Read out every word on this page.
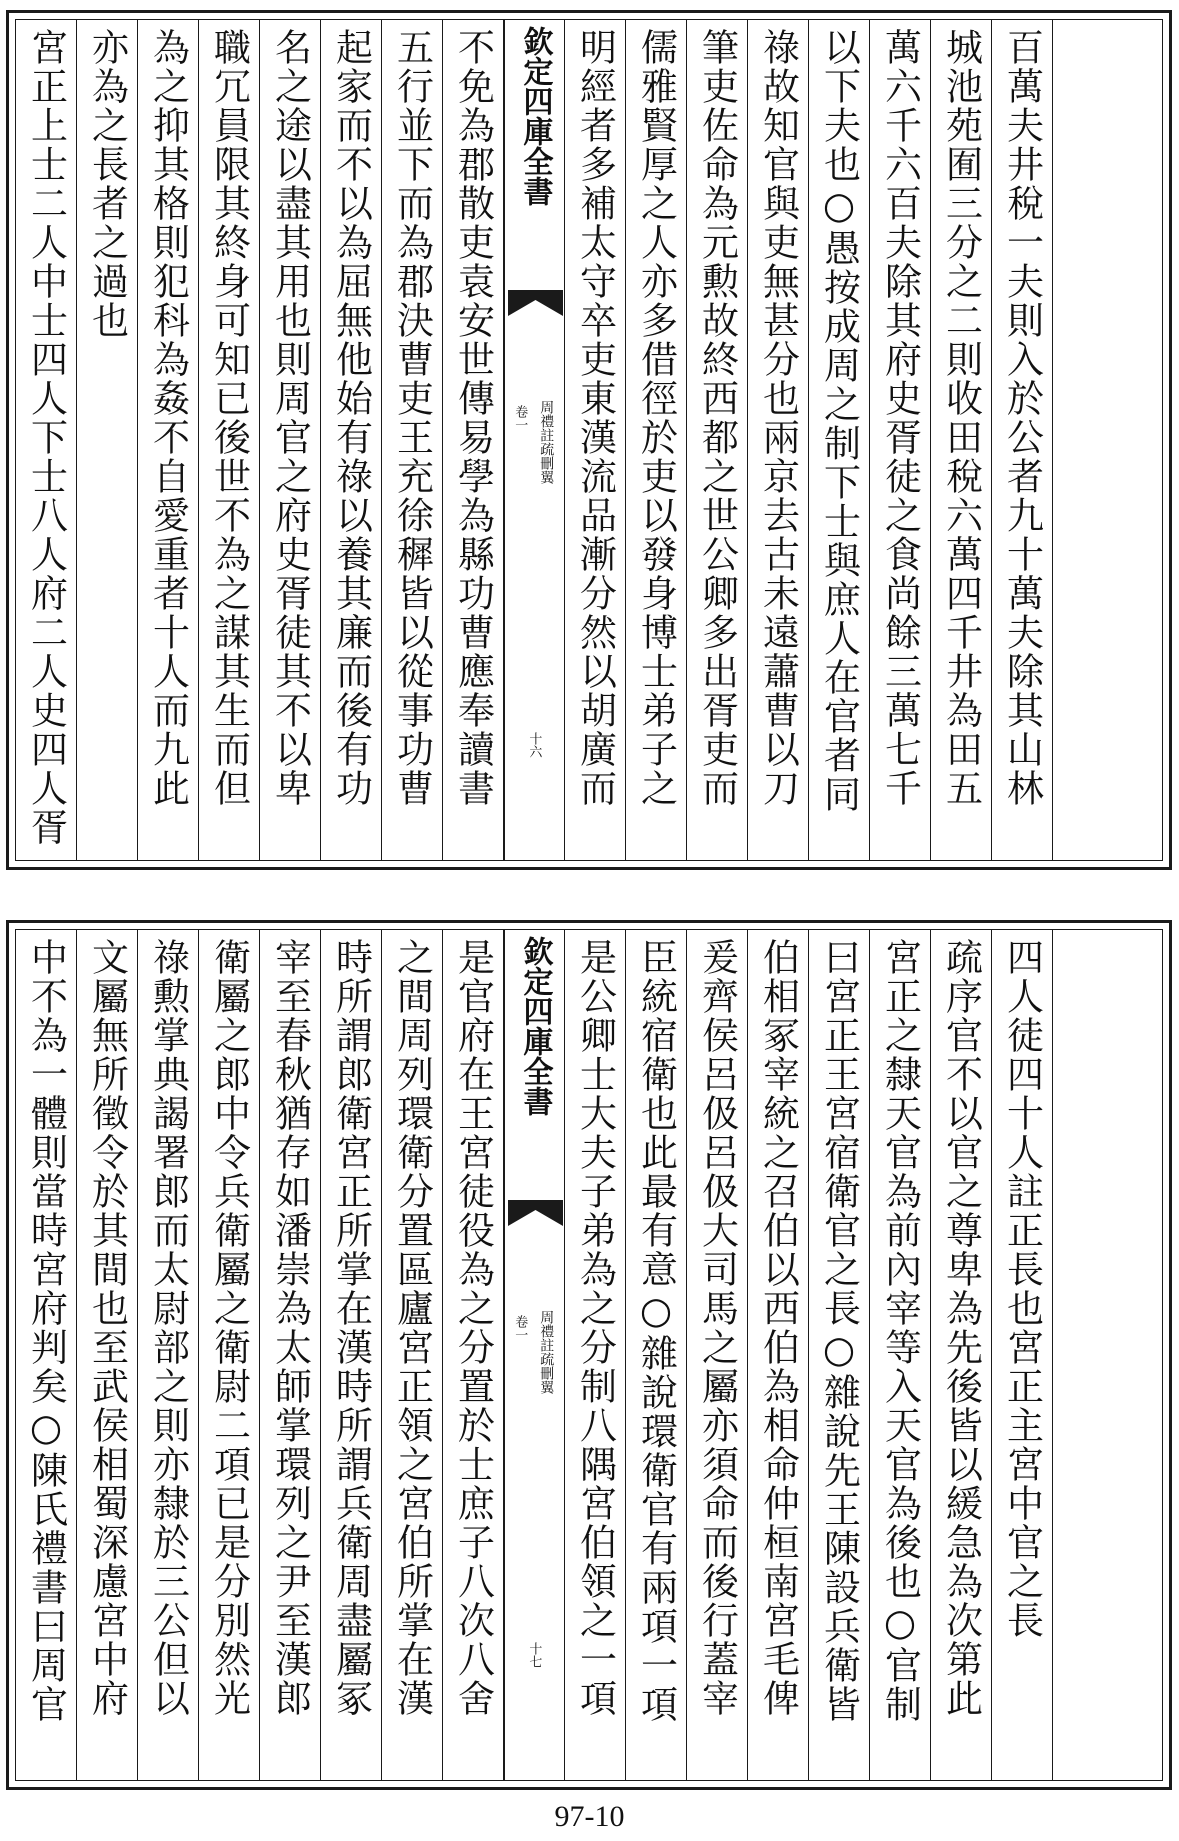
宮正上士二人中士四人下士八人府二人史四人胥 亦為之長者之過也 為之抑其格則犯科為姦不自愛重者十人而九此 職冗員限其終身可知已後世不為之謀其生而但 名之途以盡其用也則周官之府史胥徒其不以卑 起家而不以為屈無他始有祿以養其廉而後有功 五行並下而為郡決曹吏王充徐穉皆以從事功曹 不免為郡散吏袁安世傳易學為縣功曹應奉讀書 欽定四庫全書
周禮註疏刪翼
卷一
十六 明經者多補太守卒吏東漢流品漸分然以胡廣而 儒雅賢厚之人亦多借徑於吏以發身博士弟子之 筆吏佐命為元勲故終西都之世公卿多出胥吏而 祿故知官與吏無甚分也兩京去古未遠蕭曹以刀 以下夫也○愚按成周之制下士與庶人在官者同 萬六千六百夫除其府史胥徒之食尚餘三萬七千 城池苑囿三分之二則收田稅六萬四千井為田五 百萬夫井稅一夫則入於公者九十萬夫除其山林
中不為一體則當時宮府判矣○陳氏禮書曰周官 文屬無所徵令於其間也至武侯相蜀深慮宮中府 祿勲掌典謁署郎而太尉部之則亦隸於三公但以 衛屬之郎中令兵衛屬之衛尉二項已是分別然光 宰至春秋猶存如潘崇為太師掌環列之尹至漢郎 時所謂郎衛宮正所掌在漢時所謂兵衛周盡屬冢 之間周列環衛分置區廬宮正領之宮伯所掌在漢 是官府在王宮徒役為之分置於士庶子八次八舍 欽定四庫全書
周禮註疏刪翼
卷一
十七 是公卿士大夫子弟為之分制八隅宮伯領之一項 臣統宿衛也此最有意○雜說環衛官有兩項一項 爰齊侯呂伋呂伋大司馬之屬亦須命而後行蓋宰 伯相冢宰統之召伯以西伯為相命仲桓南宮毛俾 曰宮正王宮宿衛官之長○雜說先王陳設兵衛皆 宮正之隸天官為前內宰等入天官為後也○官制 疏序官不以官之尊卑為先後皆以緩急為次第此 四人徒四十人註正長也宮正主宮中官之長
97-10
